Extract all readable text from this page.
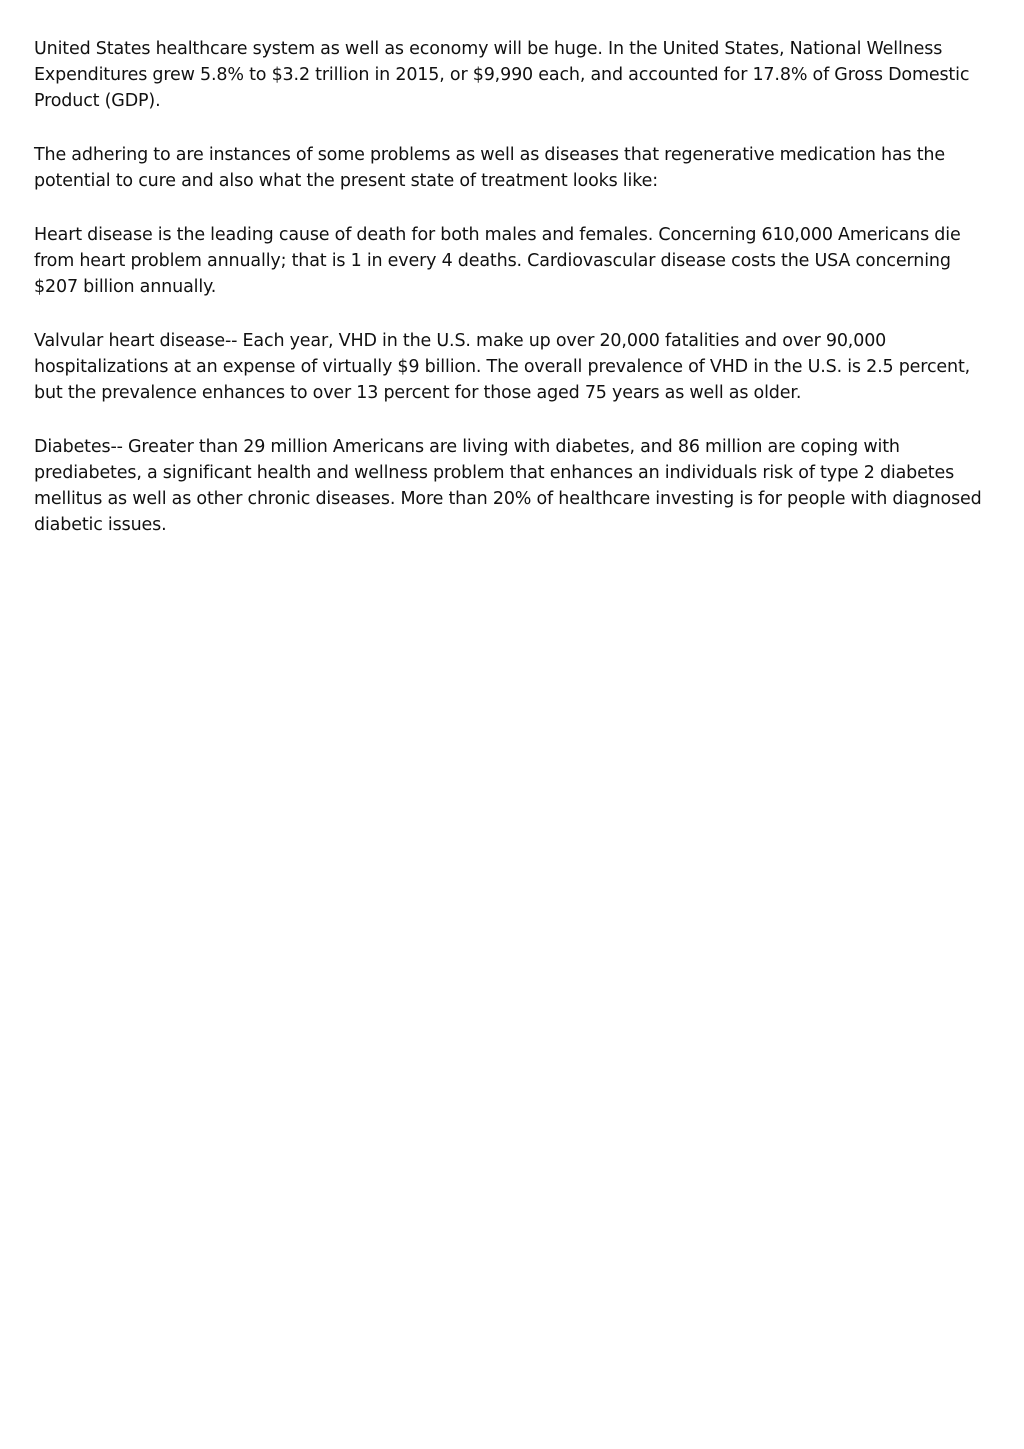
United States healthcare system as well as economy will be huge. In the United States, National Wellness Expenditures grew 5.8% to $3.2 trillion in 2015, or $9,990 each, and accounted for 17.8% of Gross Domestic Product (GDP).

The adhering to are instances of some problems as well as diseases that regenerative medication has the potential to cure and also what the present state of treatment looks like:

Heart disease is the leading cause of death for both males and females. Concerning 610,000 Americans die from heart problem annually; that is 1 in every 4 deaths. Cardiovascular disease costs the USA concerning $207 billion annually.

Valvular heart disease-- Each year, VHD in the U.S. make up over 20,000 fatalities and over 90,000 hospitalizations at an expense of virtually $9 billion. The overall prevalence of VHD in the U.S. is 2.5 percent, but the prevalence enhances to over 13 percent for those aged 75 years as well as older.

Diabetes-- Greater than 29 million Americans are living with diabetes, and 86 million are coping with prediabetes, a significant health and wellness problem that enhances an individuals risk of type 2 diabetes mellitus as well as other chronic diseases. More than 20% of healthcare investing is for people with diagnosed diabetic issues.
